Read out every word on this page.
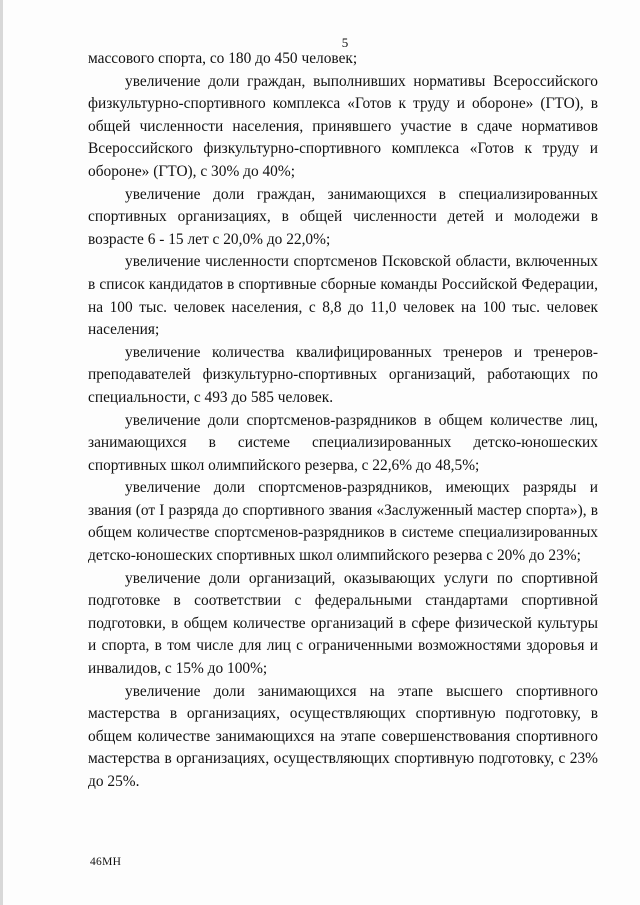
5

массового спорта, со 180 до 450 человек;

увеличение доли граждан, выполнивших нормативы Всероссийского физкультурно-спортивного комплекса «Готов к труду и обороне» (ГТО), в общей численности населения, принявшего участие в сдаче нормативов Всероссийского физкультурно-спортивного комплекса «Готов к труду и обороне» (ГТО), с 30% до 40%;

увеличение доли граждан, занимающихся в специализированных спортивных организациях, в общей численности детей и молодежи в возрасте 6 - 15 лет с 20,0% до 22,0%;

увеличение численности спортсменов Псковской области, включенных в список кандидатов в спортивные сборные команды Российской Федерации, на 100 тыс. человек населения, с 8,8 до 11,0 человек на 100 тыс. человек населения;

увеличение количества квалифицированных тренеров и тренеров-преподавателей физкультурно-спортивных организаций, работающих по специальности, с 493 до 585 человек.

увеличение доли спортсменов-разрядников в общем количестве лиц, занимающихся в системе специализированных детско-юношеских спортивных школ олимпийского резерва, с 22,6% до 48,5%;

увеличение доли спортсменов-разрядников, имеющих разряды и звания (от I разряда до спортивного звания «Заслуженный мастер спорта»), в общем количестве спортсменов-разрядников в системе специализированных детско-юношеских спортивных школ олимпийского резерва с 20% до 23%;

увеличение доли организаций, оказывающих услуги по спортивной подготовке в соответствии с федеральными стандартами спортивной подготовки, в общем количестве организаций в сфере физической культуры и спорта, в том числе для лиц с ограниченными возможностями здоровья и инвалидов, с 15% до 100%;

увеличение доли занимающихся на этапе высшего спортивного мастерства в организациях, осуществляющих спортивную подготовку, в общем количестве занимающихся на этапе совершенствования спортивного мастерства в организациях, осуществляющих спортивную подготовку, с 23% до 25%.

46МН
